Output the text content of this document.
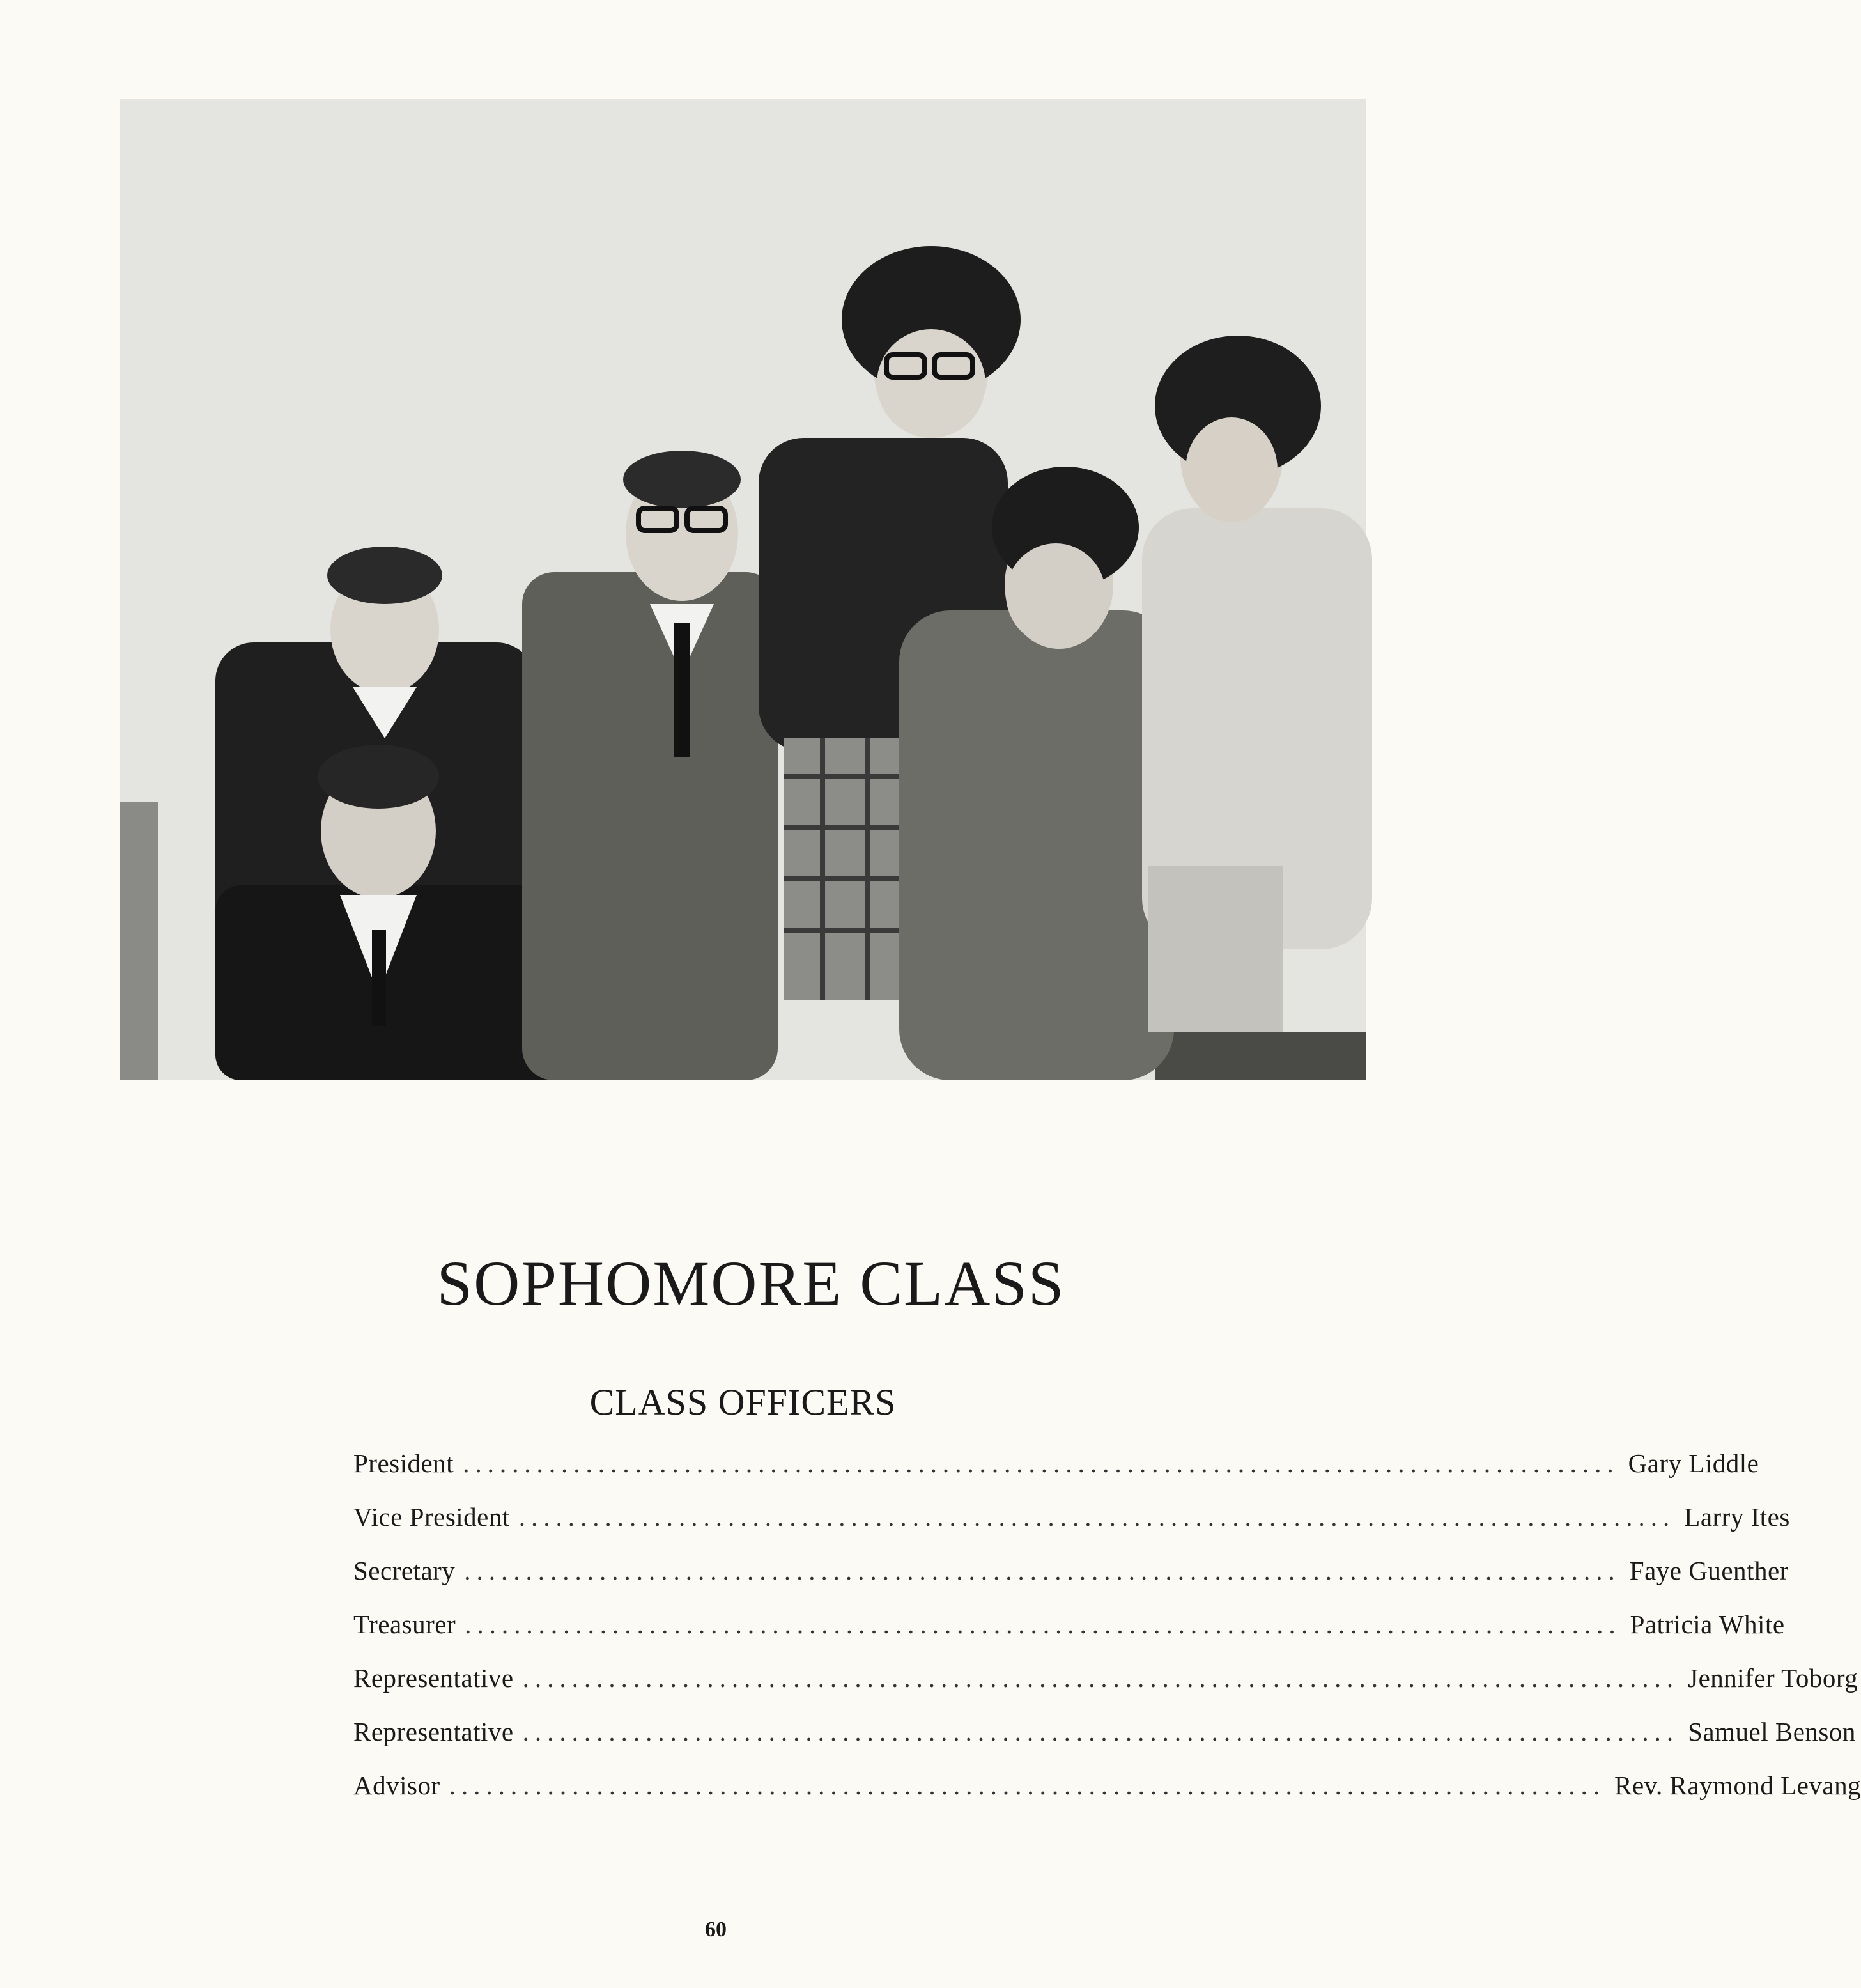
SOPHOMORE CLASS
CLASS OFFICERS
President .............................................................................................. Gary Liddle
Vice President .............................................................................................. Larry Ites
Secretary .............................................................................................. Faye Guenther
Treasurer .............................................................................................. Patricia White
Representative .............................................................................................. Jennifer Toborg
Representative .............................................................................................. Samuel Benson
Advisor .............................................................................................. Rev. Raymond Levang
60
